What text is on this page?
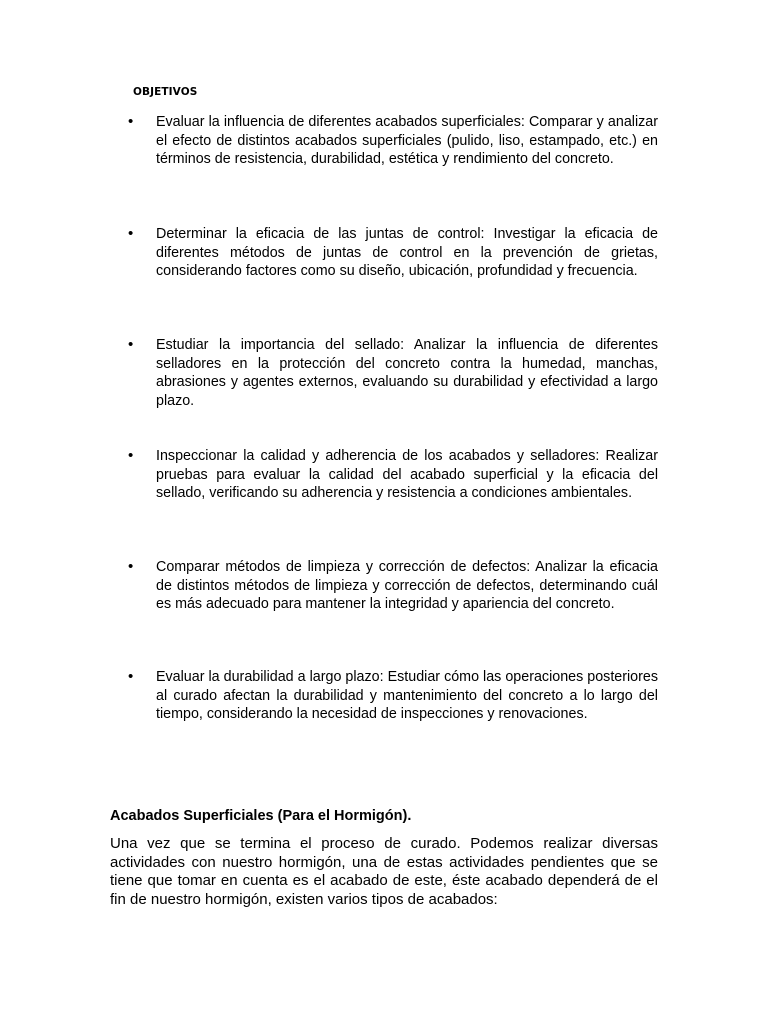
OBJETIVOS
•	Evaluar la influencia de diferentes acabados superficiales: Comparar y analizar el efecto de distintos acabados superficiales (pulido, liso, estampado, etc.) en términos de resistencia, durabilidad, estética y rendimiento del concreto.
•	Determinar la eficacia de las juntas de control: Investigar la eficacia de diferentes métodos de juntas de control en la prevención de grietas, considerando factores como su diseño, ubicación, profundidad y frecuencia.
•	Estudiar la importancia del sellado: Analizar la influencia de diferentes selladores en la protección del concreto contra la humedad, manchas, abrasiones y agentes externos, evaluando su durabilidad y efectividad a largo plazo.
•	Inspeccionar la calidad y adherencia de los acabados y selladores: Realizar pruebas para evaluar la calidad del acabado superficial y la eficacia del sellado, verificando su adherencia y resistencia a condiciones ambientales.
•	Comparar métodos de limpieza y corrección de defectos: Analizar la eficacia de distintos métodos de limpieza y corrección de defectos, determinando cuál es más adecuado para mantener la integridad y apariencia del concreto.
•	Evaluar la durabilidad a largo plazo: Estudiar cómo las operaciones posteriores al curado afectan la durabilidad y mantenimiento del concreto a lo largo del tiempo, considerando la necesidad de inspecciones y renovaciones.
Acabados Superficiales (Para el Hormigón).
Una vez que se termina el proceso de curado. Podemos realizar diversas actividades con nuestro hormigón, una de estas actividades pendientes que se tiene que tomar en cuenta es el acabado de este, éste acabado dependerá de el fin de nuestro hormigón, existen varios tipos de acabados:
